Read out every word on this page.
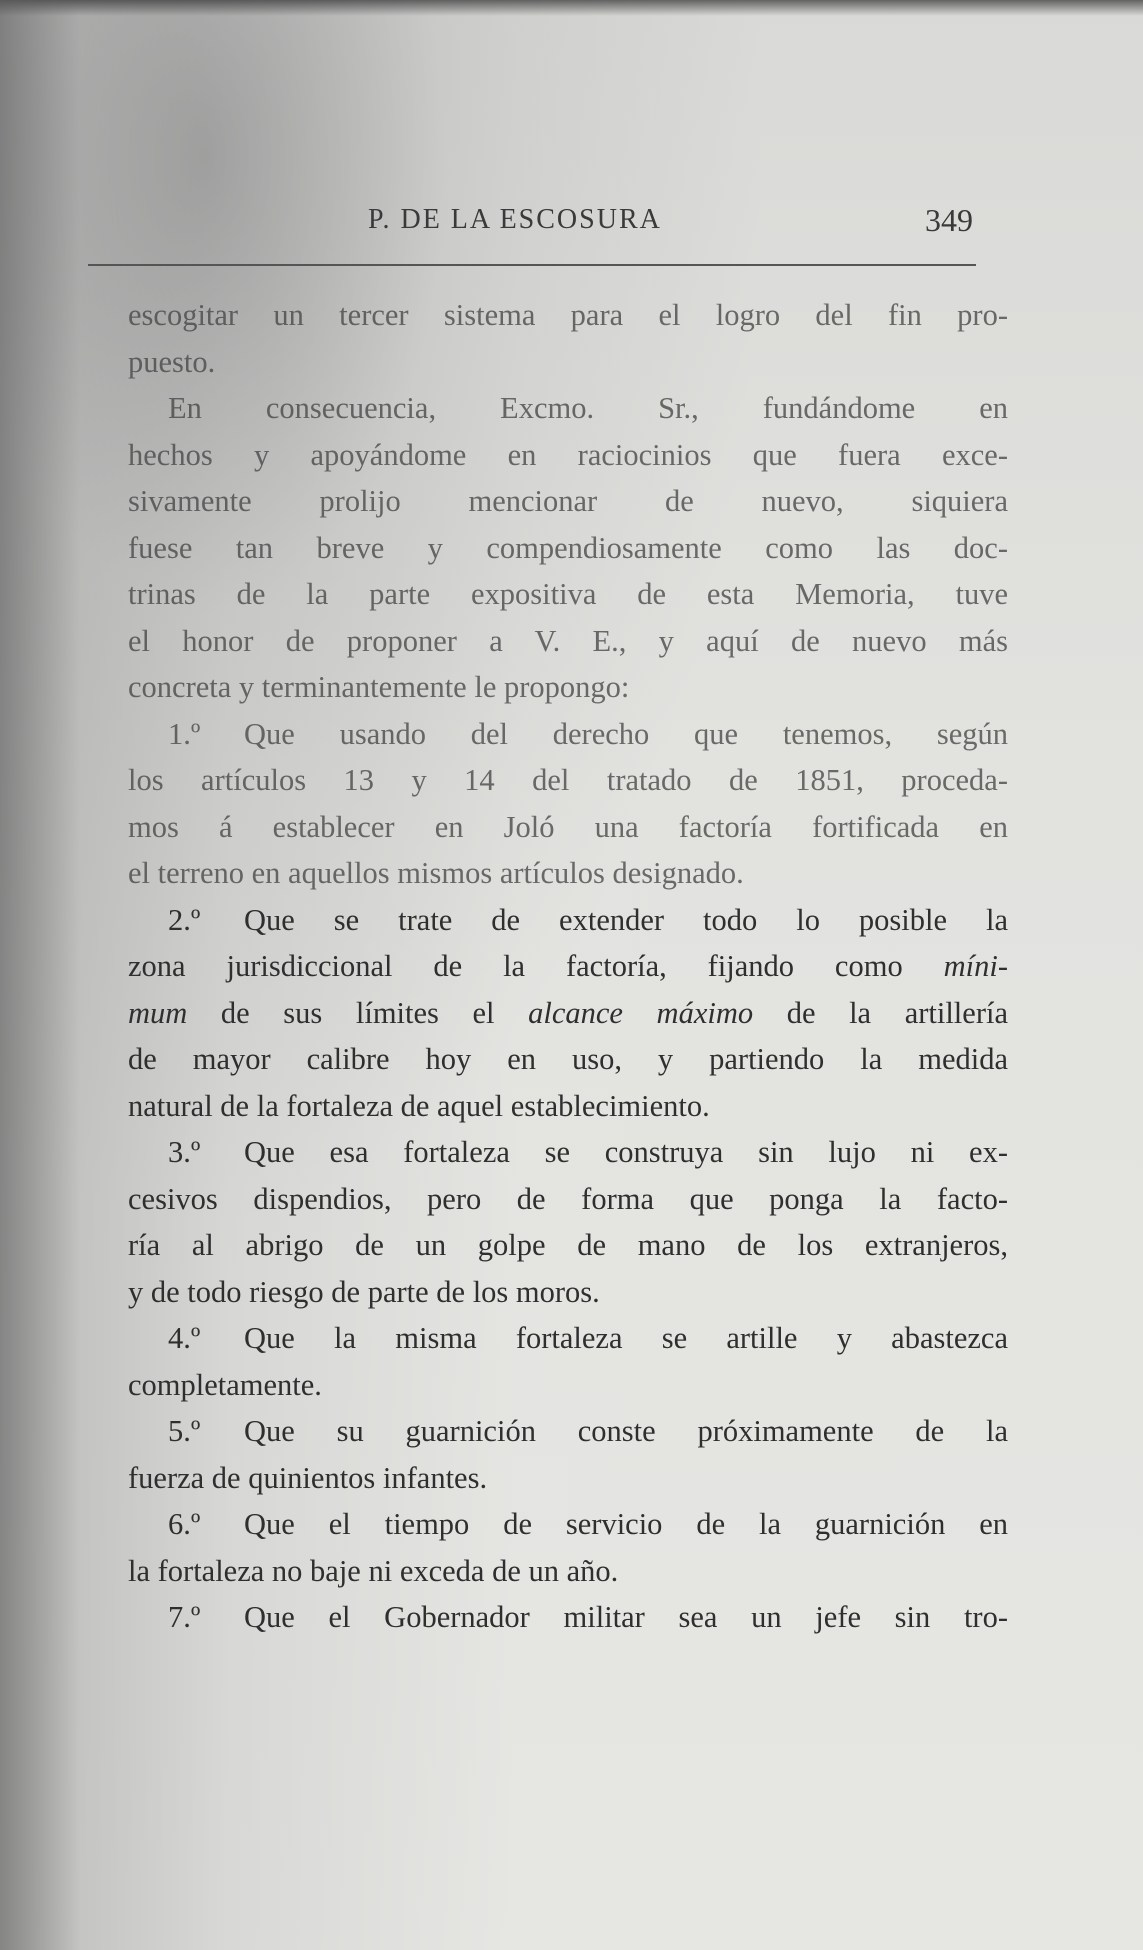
P. DE LA ESCOSURA	349
escogitar un tercer sistema para el logro del fin pro-
puesto.
En consecuencia, Excmo. Sr., fundándome en
hechos y apoyándome en raciocinios que fuera exce-
sivamente prolijo mencionar de nuevo, siquiera
fuese tan breve y compendiosamente como las doc-
trinas de la parte expositiva de esta Memoria, tuve
el honor de proponer a V. E., y aquí de nuevo más
concreta y terminantemente le propongo:
1.º Que usando del derecho que tenemos, según
los artículos 13 y 14 del tratado de 1851, proceda-
mos á establecer en Joló una factoría fortificada en
el terreno en aquellos mismos artículos designado.
2.º Que se trate de extender todo lo posible la
zona jurisdiccional de la factoría, fijando como míni-
mum de sus límites el alcance máximo de la artillería
de mayor calibre hoy en uso, y partiendo la medida
natural de la fortaleza de aquel establecimiento.
3.º Que esa fortaleza se construya sin lujo ni ex-
cesivos dispendios, pero de forma que ponga la facto-
ría al abrigo de un golpe de mano de los extranjeros,
y de todo riesgo de parte de los moros.
4.º Que la misma fortaleza se artille y abastezca
completamente.
5.º Que su guarnición conste próximamente de la
fuerza de quinientos infantes.
6.º Que el tiempo de servicio de la guarnición en
la fortaleza no baje ni exceda de un año.
7.º Que el Gobernador militar sea un jefe sin tro-
